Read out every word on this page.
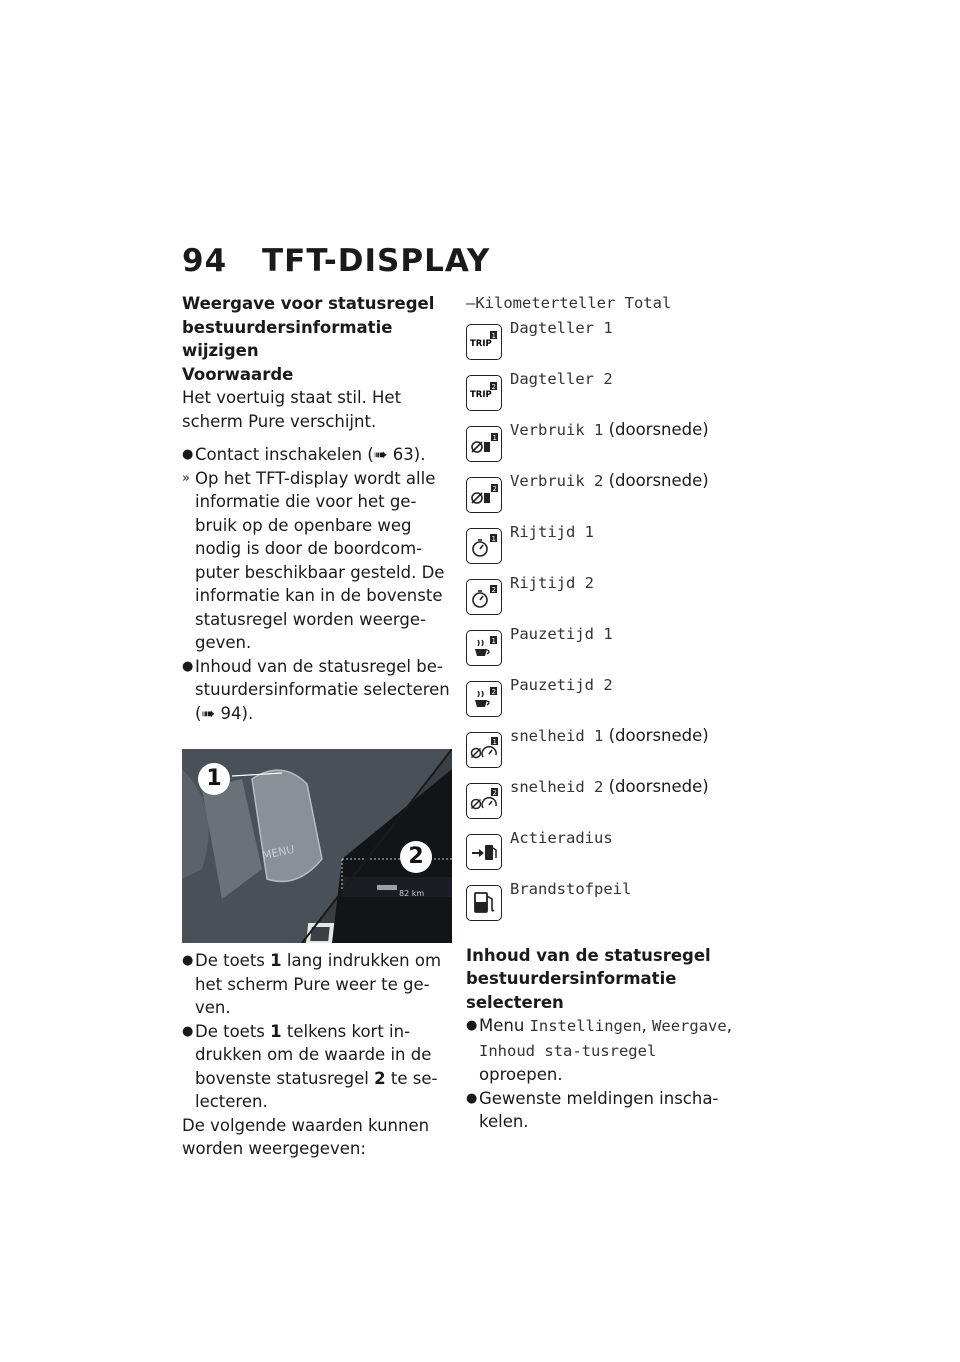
94 TFT-DISPLAY

Weergave voor statusregel
bestuurdersinformatie
wijzigen

Voorwaarde

Het voertuig staat stil. Het scherm Pure verschijnt.

● Contact inschakelen (➠ 63).
» Op het TFT-display wordt alle informatie die voor het ge-bruik op de openbare weg nodig is door de boordcom-puter beschikbaar gesteld. De informatie kan in de bovenste statusregel worden weerge-geven.
● Inhoud van de statusregel be-stuurdersinformatie selecteren (➠ 94).
1
2
MENU
82 km
● De toets 1 lang indrukken om het scherm Pure weer te ge-ven.
● De toets 1 telkens kort in-drukken om de waarde in de bovenste statusregel 2 te se-lecteren.

De volgende waarden kunnen worden weergegeven:

–Kilometerteller Total

TRIP
1 Dagteller 1
TRIP
2 Dagteller 2
1 Verbruik 1 (doorsnede)
2 Verbruik 2 (doorsnede)
1 Rijtijd 1
2 Rijtijd 2
1 Pauzetijd 1
2 Pauzetijd 2
1 snelheid 1 (doorsnede)
2 snelheid 2 (doorsnede)
Actieradius
Brandstofpeil

Inhoud van de statusregel
bestuurdersinformatie
selecteren

● Menu Instellingen, Weergave, Inhoud sta-tusregel oproepen.
● Gewenste meldingen inscha-kelen.
